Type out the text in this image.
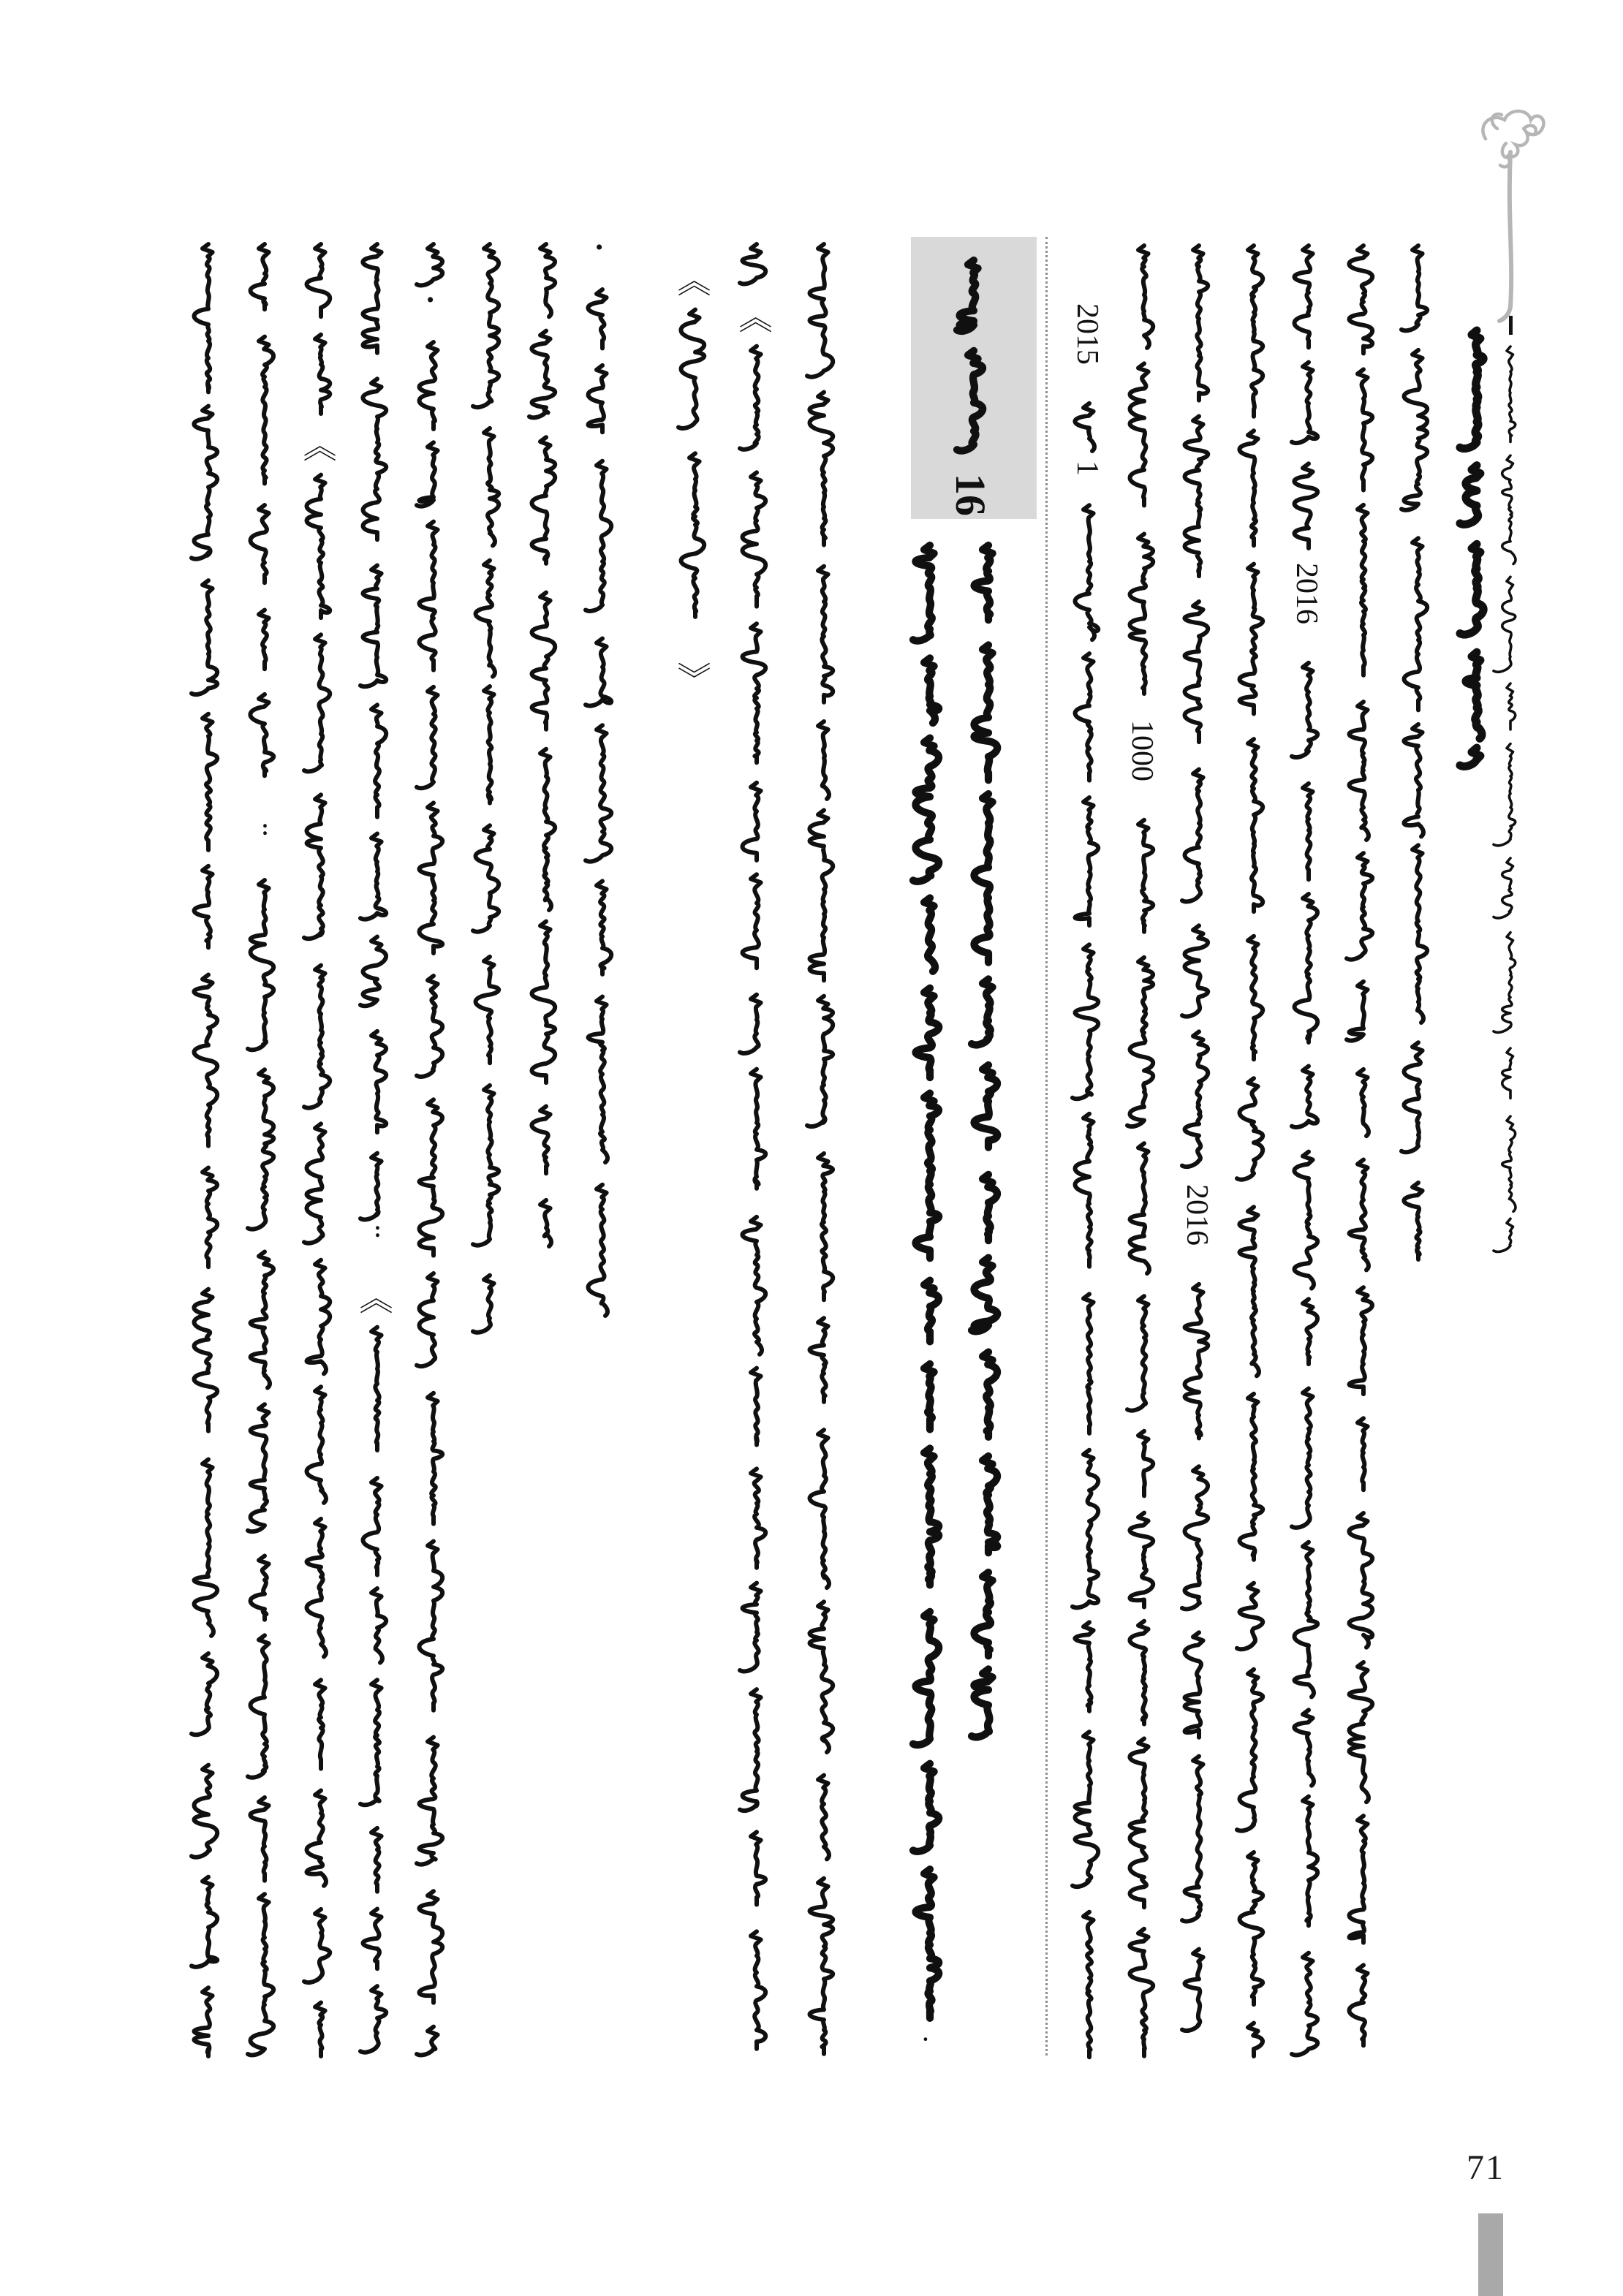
2016
2016
1000
2015
1
16
·
《
《
》
•
•
᠄
《
《
᠄
71
